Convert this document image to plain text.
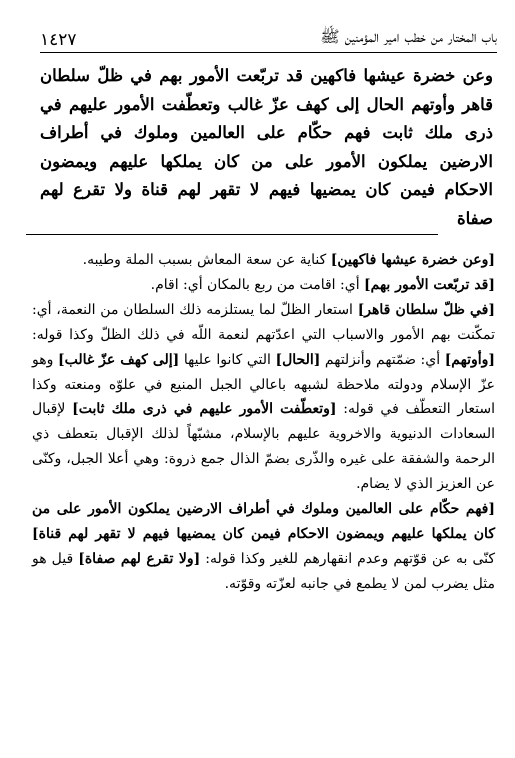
باب المختار من خطب امير المؤمنين ﷺ
١٤٢٧
وعن خضرة عيشها فاكهين قد تربّعت الأمور بهم في ظلّ سلطان قاهر وأوتهم الحال إلى كهف عزّ غالب وتعطّفت الأمور عليهم في ذرى ملك ثابت فهم حكّام على العالمين وملوك في أطراف الارضين يملكون الأمور على من كان يملكها عليهم ويمضون الاحكام فيمن كان يمضيها فيهم لا تقهر لهم قناة ولا تقرع لهم صفاة

[وعن خضرة عيشها فاكهين] كناية عن سعة المعاش بسبب الملة وطيبه.

[قد تربّعت الأمور بهم] أي: اقامت من ربع بالمكان أي: اقام.

[في ظلّ سلطان قاهر] استعار الظلّ لما يستلزمه ذلك السلطان من النعمة، أي: تمكّنت بهم الأمور والاسباب التي اعدّتهم لنعمة اللّه في ذلك الظلّ وكذا قوله: [وأوتهم] أي: ضمّتهم وأنزلتهم [الحال] التي كانوا عليها [إلى كهف عزّ غالب] وهو عزّ الإسلام ودولته ملاحظة لشبهه باعالي الجبل المنيع في علوّه ومنعته وكذا استعار التعطّف في قوله: [وتعطّفت الأمور عليهم في ذرى ملك ثابت] لإقبال السعادات الدنيوية والاخروية عليهم بالإسلام، مشبّهاً لذلك الإقبال بتعطف ذي الرحمة والشفقة على غيره والذّرى بضمّ الذال جمع ذروة: وهي أعلا الجبل، وكنّى عن العزيز الذي لا يضام.

[فهم حكّام على العالمين وملوك في أطراف الارضين يملكون الأمور على من كان يملكها عليهم ويمضون الاحكام فيمن كان يمضيها فيهم لا تقهر لهم قناة] كنّى به عن قوّتهم وعدم انقهارهم للغير وكذا قوله: [ولا تقرع لهم صفاة] قيل هو مثل يضرب لمن لا يطمع في جانبه لعزّته وقوّته.
